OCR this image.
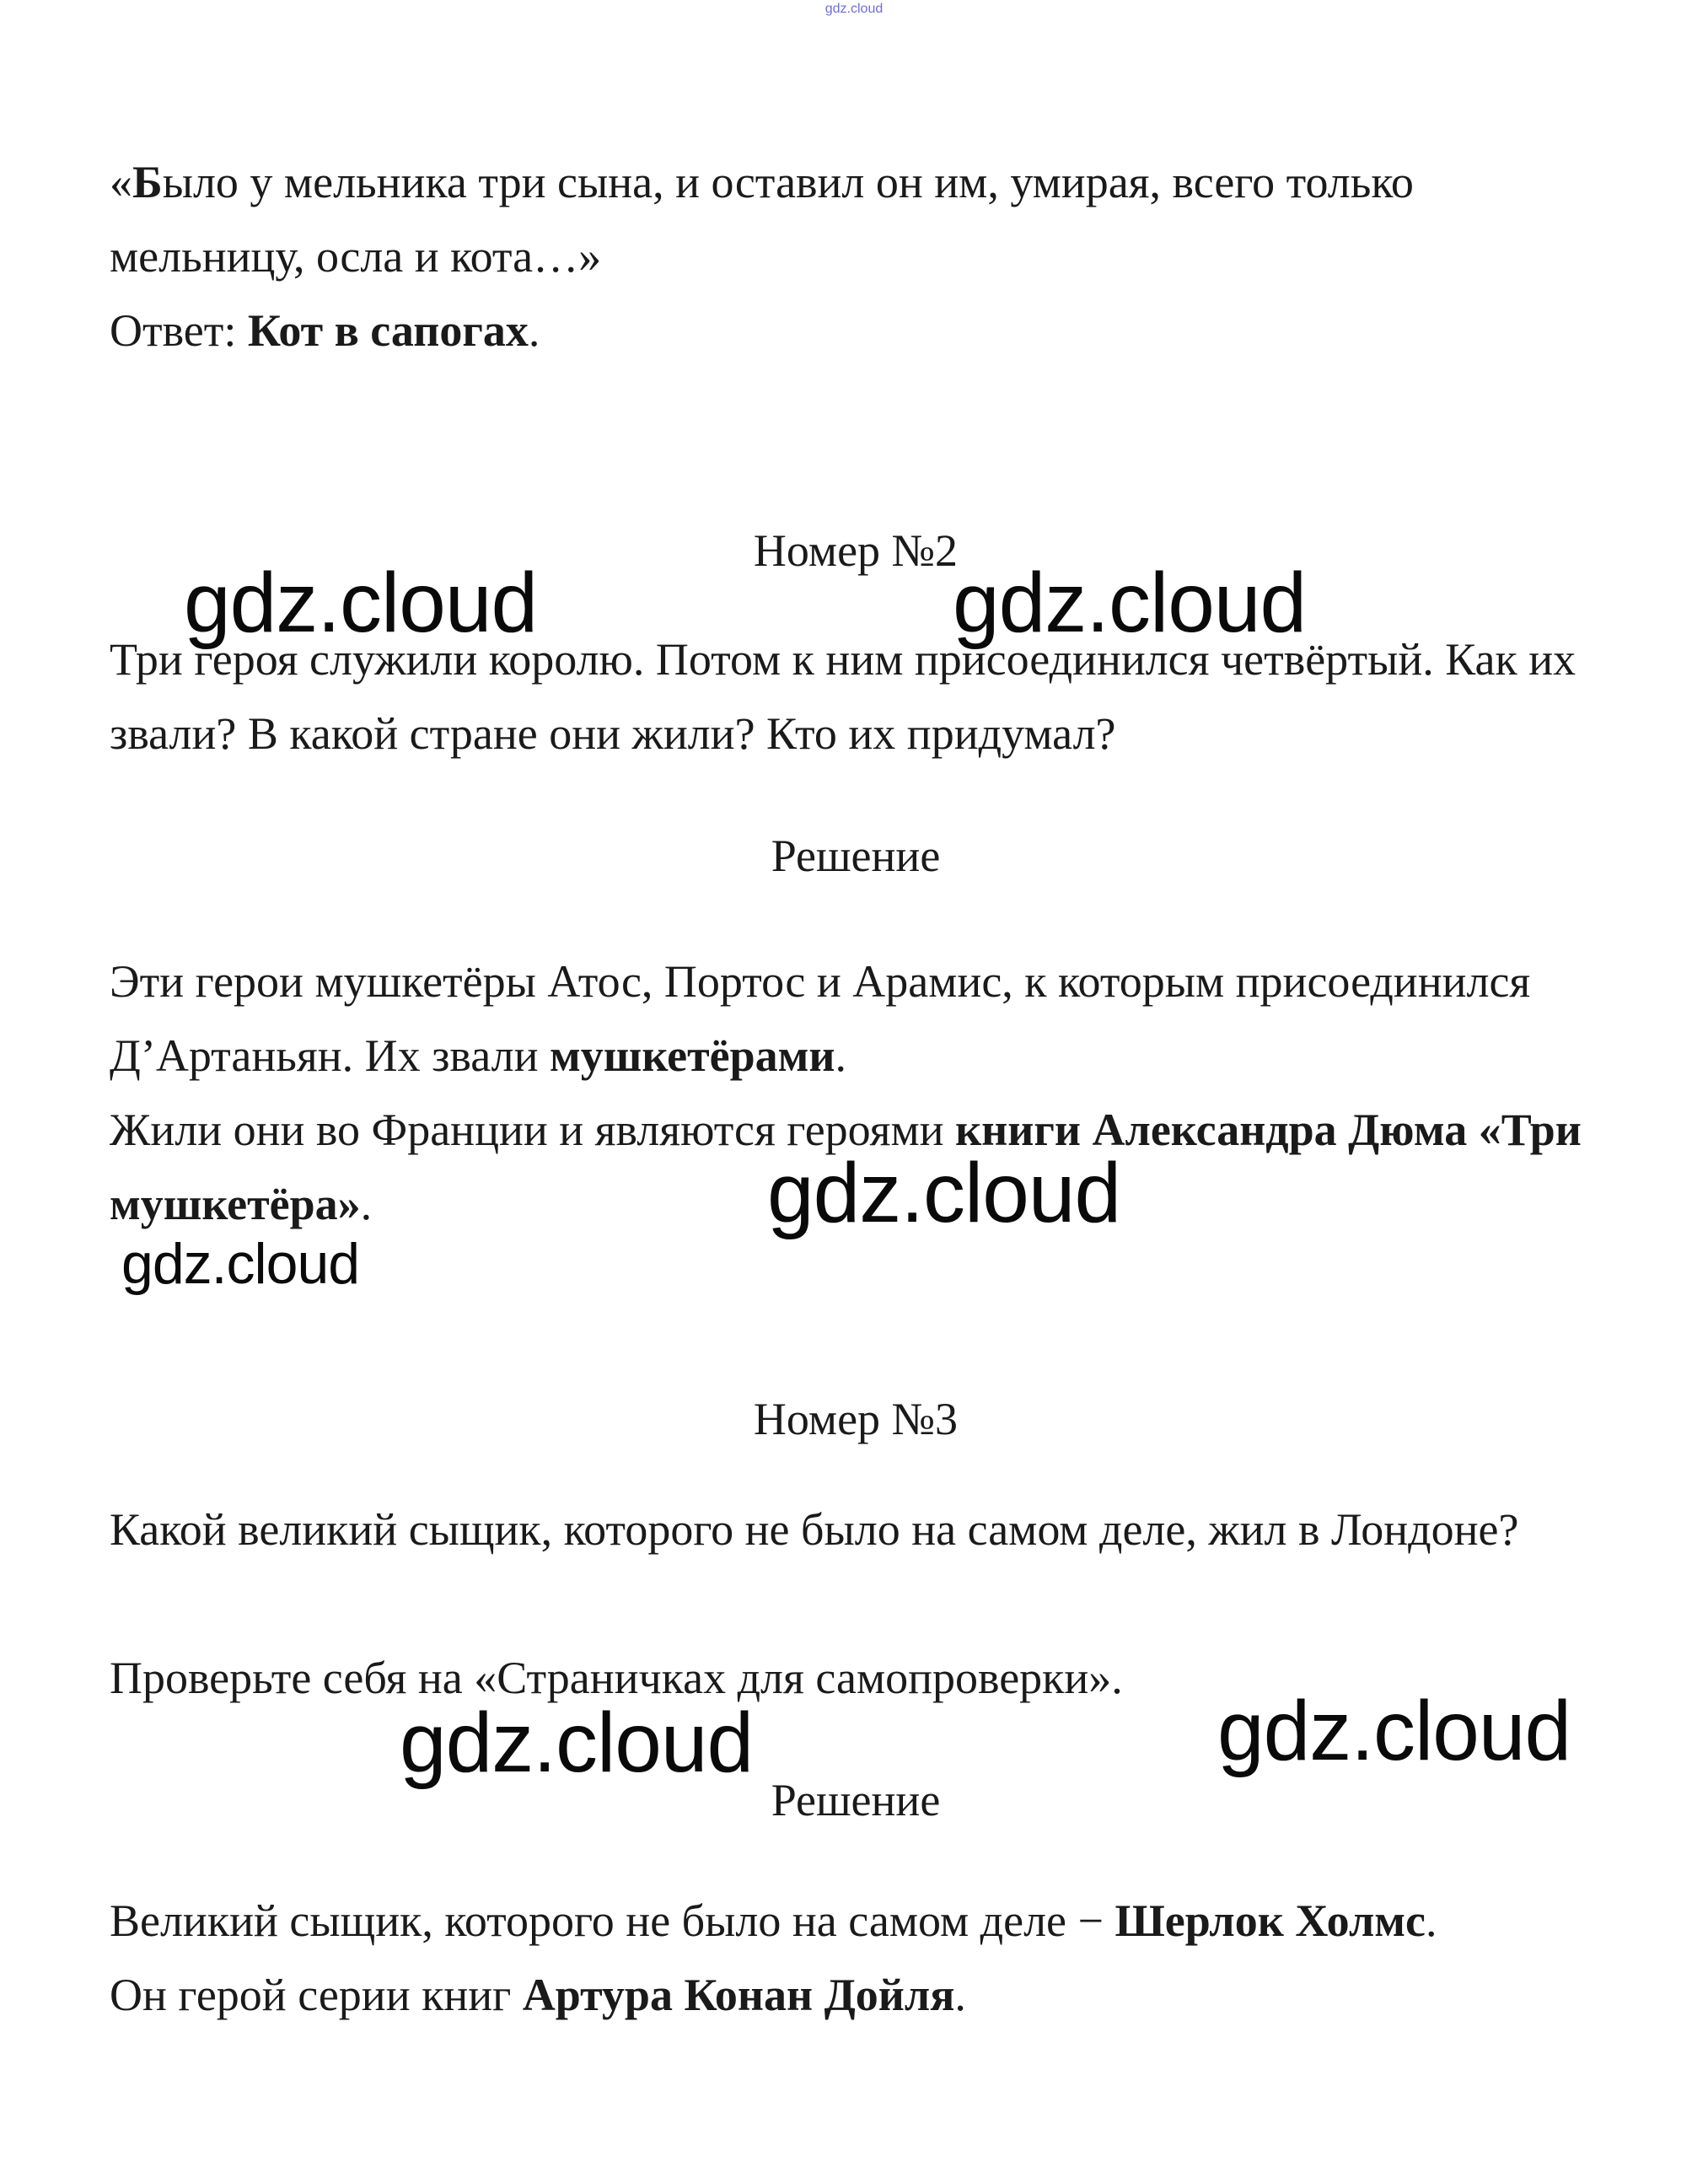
gdz.cloud

«Было у мельника три сына, и оставил он им, умирая, всего только мельницу, осла и кота…»

Ответ: Кот в сапогах.

Номер №2

Три героя служили королю. Потом к ним присоединился четвёртый. Как их звали? В какой стране они жили? Кто их придумал?

Решение

Эти герои мушкетёры Атос, Портос и Арамис, к которым присоединился Д’Артаньян. Их звали мушкетёрами.

Жили они во Франции и являются героями книги Александра Дюма «Три мушкетёра».

Номер №3

Какой великий сыщик, которого не было на самом деле, жил в Лондоне?

Проверьте себя на «Страничках для самопроверки».

Решение

Великий сыщик, которого не было на самом деле − Шерлок Холмс.

Он герой серии книг Артура Конан Дойля.

gdz.cloud	gdz.cloud
gdz.cloud
gdz.cloud
gdz.cloud	gdz.cloud
